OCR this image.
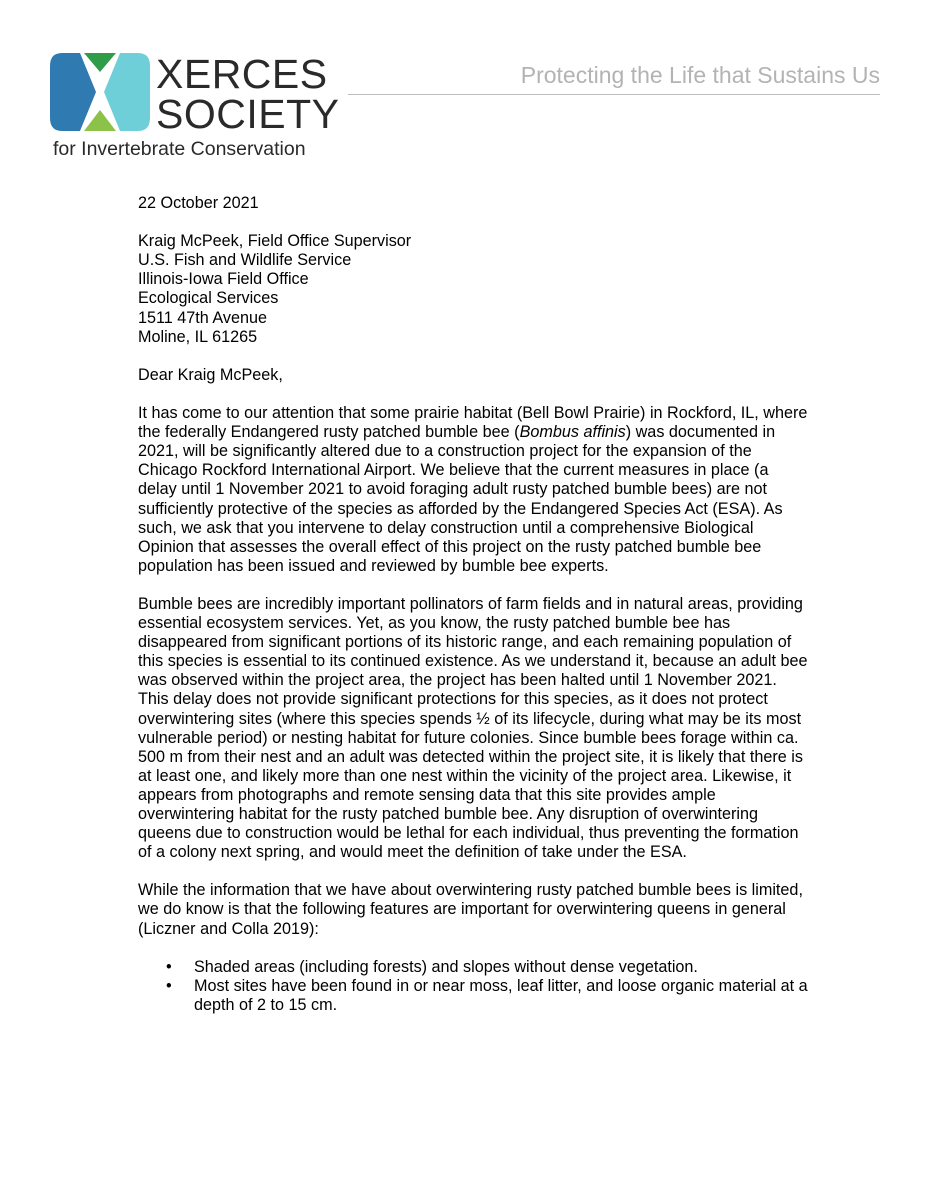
XERCES
SOCIETY
for Invertebrate Conservation
Protecting the Life that Sustains Us

22 October 2021

Kraig McPeek, Field Office Supervisor
U.S. Fish and Wildlife Service
Illinois-Iowa Field Office
Ecological Services
1511 47th Avenue
Moline, IL 61265

Dear Kraig McPeek,

It has come to our attention that some prairie habitat (Bell Bowl Prairie) in Rockford, IL, where the federally Endangered rusty patched bumble bee (Bombus affinis) was documented in 2021, will be significantly altered due to a construction project for the expansion of the Chicago Rockford International Airport. We believe that the current measures in place (a delay until 1 November 2021 to avoid foraging adult rusty patched bumble bees) are not sufficiently protective of the species as afforded by the Endangered Species Act (ESA). As such, we ask that you intervene to delay construction until a comprehensive Biological Opinion that assesses the overall effect of this project on the rusty patched bumble bee population has been issued and reviewed by bumble bee experts.

Bumble bees are incredibly important pollinators of farm fields and in natural areas, providing essential ecosystem services. Yet, as you know, the rusty patched bumble bee has disappeared from significant portions of its historic range, and each remaining population of this species is essential to its continued existence. As we understand it, because an adult bee was observed within the project area, the project has been halted until 1 November 2021. This delay does not provide significant protections for this species, as it does not protect overwintering sites (where this species spends ½ of its lifecycle, during what may be its most vulnerable period) or nesting habitat for future colonies. Since bumble bees forage within ca. 500 m from their nest and an adult was detected within the project site, it is likely that there is at least one, and likely more than one nest within the vicinity of the project area. Likewise, it appears from photographs and remote sensing data that this site provides ample overwintering habitat for the rusty patched bumble bee. Any disruption of overwintering queens due to construction would be lethal for each individual, thus preventing the formation of a colony next spring, and would meet the definition of take under the ESA.

While the information that we have about overwintering rusty patched bumble bees is limited, we do know is that the following features are important for overwintering queens in general (Liczner and Colla 2019):

• Shaded areas (including forests) and slopes without dense vegetation.
• Most sites have been found in or near moss, leaf litter, and loose organic material at a depth of 2 to 15 cm.
